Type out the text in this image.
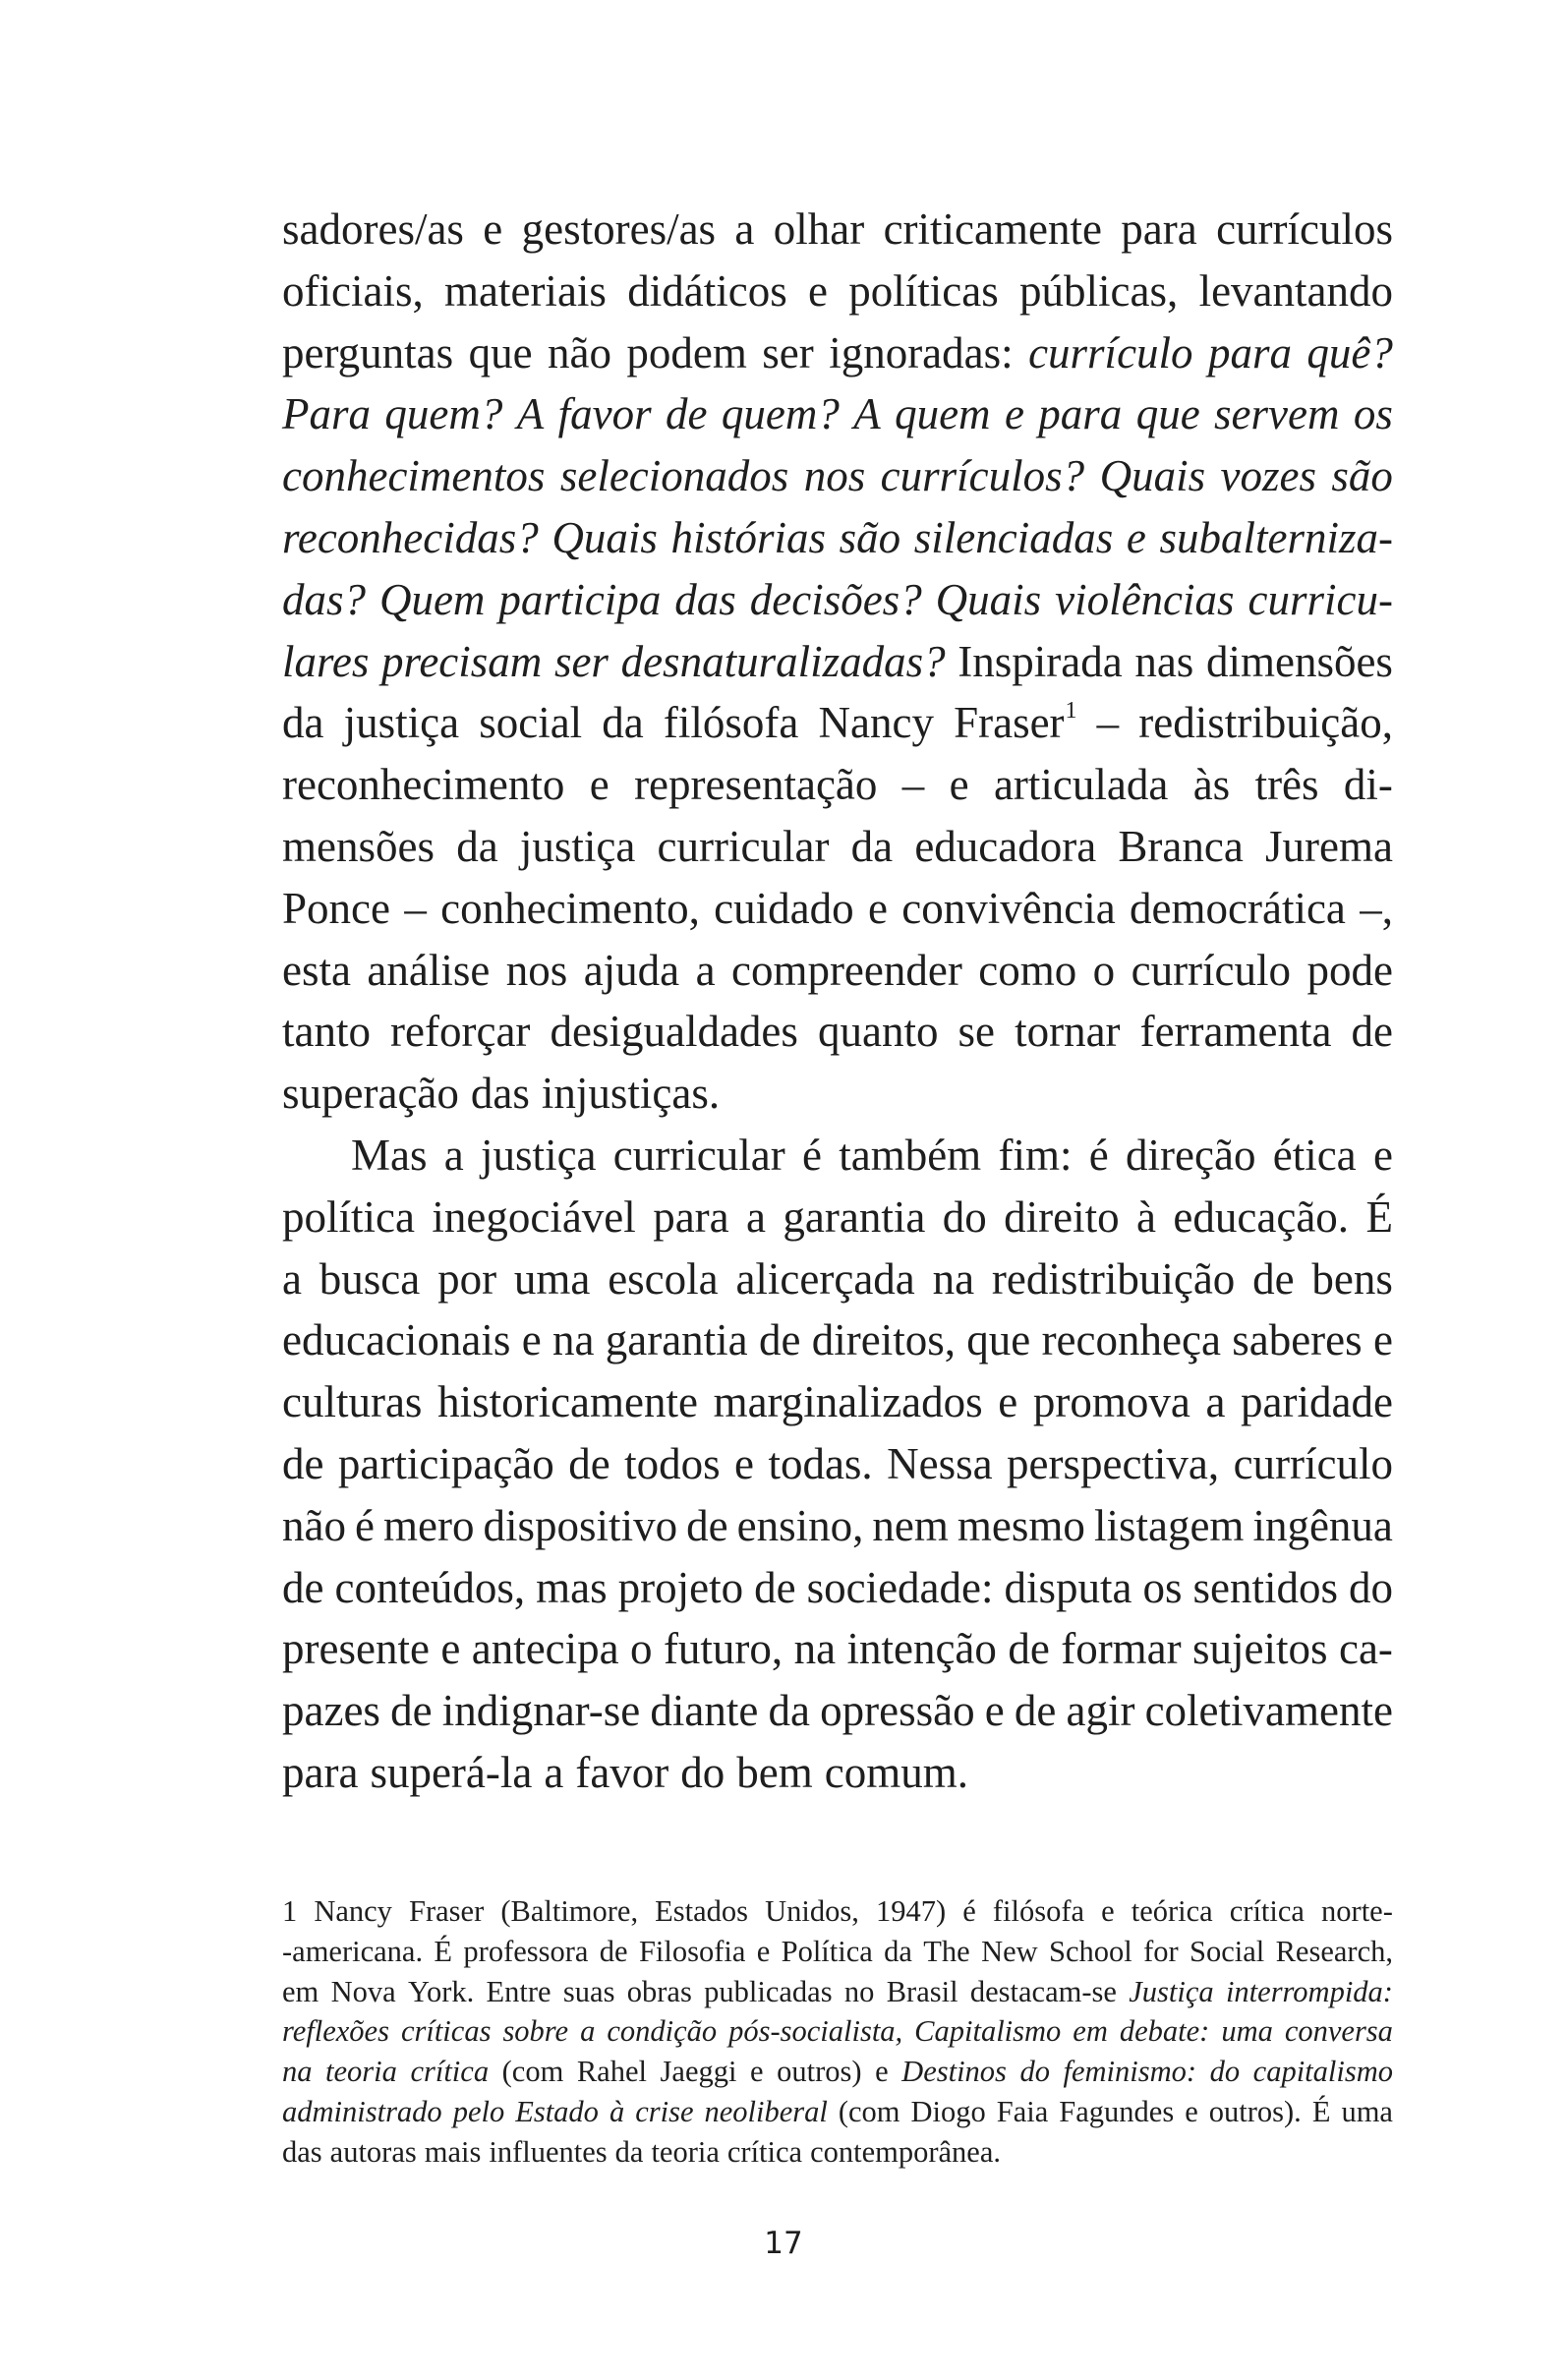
sadores/as e gestores/as a olhar criticamente para currículos
oficiais, materiais didáticos e políticas públicas, levantando
perguntas que não podem ser ignoradas: currículo para quê?
Para quem? A favor de quem? A quem e para que servem os
conhecimentos selecionados nos currículos? Quais vozes são
reconhecidas? Quais histórias são silenciadas e subalterniza-
das? Quem participa das decisões? Quais violências curricu-
lares precisam ser desnaturalizadas? Inspirada nas dimensões
da justiça social da filósofa Nancy Fraser$^1$ – redistribuição,
reconhecimento e representação – e articulada às três di-
mensões da justiça curricular da educadora Branca Jurema
Ponce – conhecimento, cuidado e convivência democrática –,
esta análise nos ajuda a compreender como o currículo pode
tanto reforçar desigualdades quanto se tornar ferramenta de
superação das injustiças.
Mas a justiça curricular é também fim: é direção ética e
política inegociável para a garantia do direito à educação. É
a busca por uma escola alicerçada na redistribuição de bens
educacionais e na garantia de direitos, que reconheça saberes e
culturas historicamente marginalizados e promova a paridade
de participação de todos e todas. Nessa perspectiva, currículo
não é mero dispositivo de ensino, nem mesmo listagem ingênua
de conteúdos, mas projeto de sociedade: disputa os sentidos do
presente e antecipa o futuro, na intenção de formar sujeitos ca-
pazes de indignar-se diante da opressão e de agir coletivamente
para superá-la a favor do bem comum.
1 Nancy Fraser (Baltimore, Estados Unidos, 1947) é filósofa e teórica crítica norte-
-americana. É professora de Filosofia e Política da The New School for Social Research,
em Nova York. Entre suas obras publicadas no Brasil destacam-se Justiça interrompida:
reflexões críticas sobre a condição pós-socialista, Capitalismo em debate: uma conversa
na teoria crítica (com Rahel Jaeggi e outros) e Destinos do feminismo: do capitalismo
administrado pelo Estado à crise neoliberal (com Diogo Faia Fagundes e outros). É uma
das autoras mais influentes da teoria crítica contemporânea.
17
